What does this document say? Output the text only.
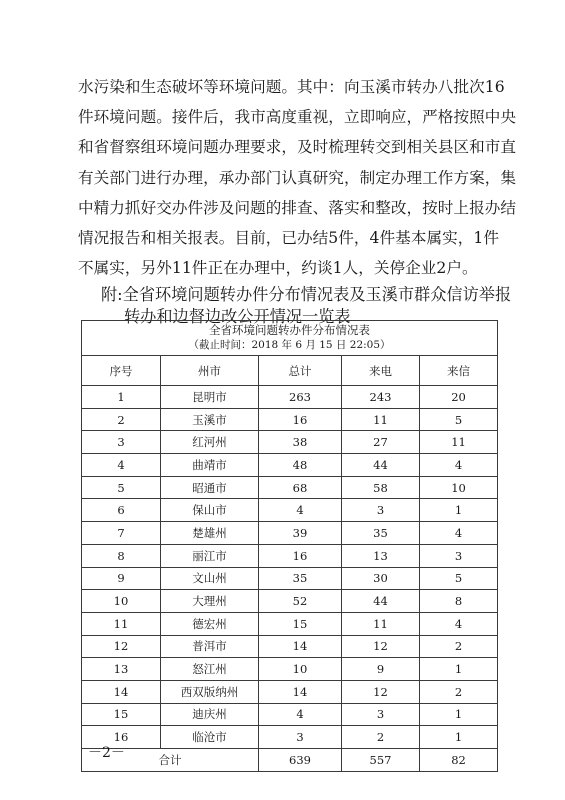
水污染和生态破坏等环境问题。其中：向玉溪市转办八批次16
件环境问题。接件后，我市高度重视，立即响应，严格按照中央
和省督察组环境问题办理要求，及时梳理转交到相关县区和市直
有关部门进行办理，承办部门认真研究，制定办理工作方案，集
中精力抓好交办件涉及问题的排查、落实和整改，按时上报办结
情况报告和相关报表。目前，已办结5件，4件基本属实，1件
不属实，另外11件正在办理中，约谈1人，关停企业2户。
附:全省环境问题转办件分布情况表及玉溪市群众信访举报
转办和边督边改公开情况一览表
全省环境问题转办件分布情况表
（截止时间：2018 年 6 月 15 日 22:05）				

序号	州市	总计	来电	来信
1	昆明市	263	243	20
2	玉溪市	16	11	5
3	红河州	38	27	11
4	曲靖市	48	44	4
5	昭通市	68	58	10
6	保山市	4	3	1
7	楚雄州	39	35	4
8	丽江市	16	13	3
9	文山州	35	30	5
10	大理州	52	44	8
11	德宏州	15	11	4
12	普洱市	14	12	2
13	怒江州	10	9	1
14	西双版纳州	14	12	2
15	迪庆州	4	3	1
16	临沧市	3	2	1
合计		639	557	82
－2－
